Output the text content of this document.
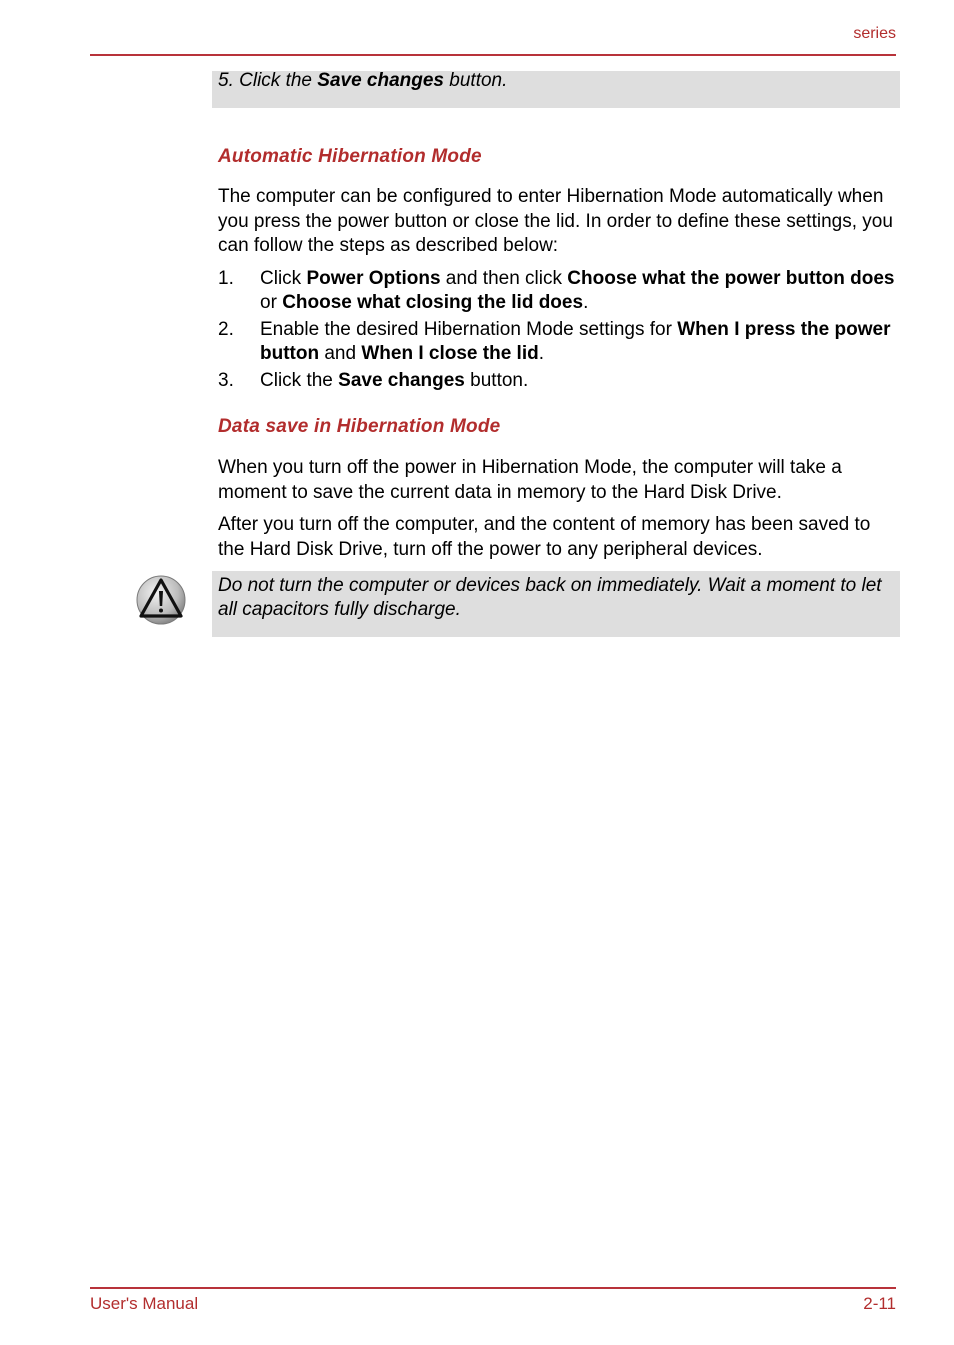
series
5. Click the Save changes button.
Automatic Hibernation Mode
The computer can be configured to enter Hibernation Mode automatically when you press the power button or close the lid. In order to define these settings, you can follow the steps as described below:
1. Click Power Options and then click Choose what the power button does or Choose what closing the lid does.
2. Enable the desired Hibernation Mode settings for When I press the power button and When I close the lid.
3. Click the Save changes button.
Data save in Hibernation Mode
When you turn off the power in Hibernation Mode, the computer will take a moment to save the current data in memory to the Hard Disk Drive.
After you turn off the computer, and the content of memory has been saved to the Hard Disk Drive, turn off the power to any peripheral devices.
Do not turn the computer or devices back on immediately. Wait a moment to let all capacitors fully discharge.
User's Manual	2-11
